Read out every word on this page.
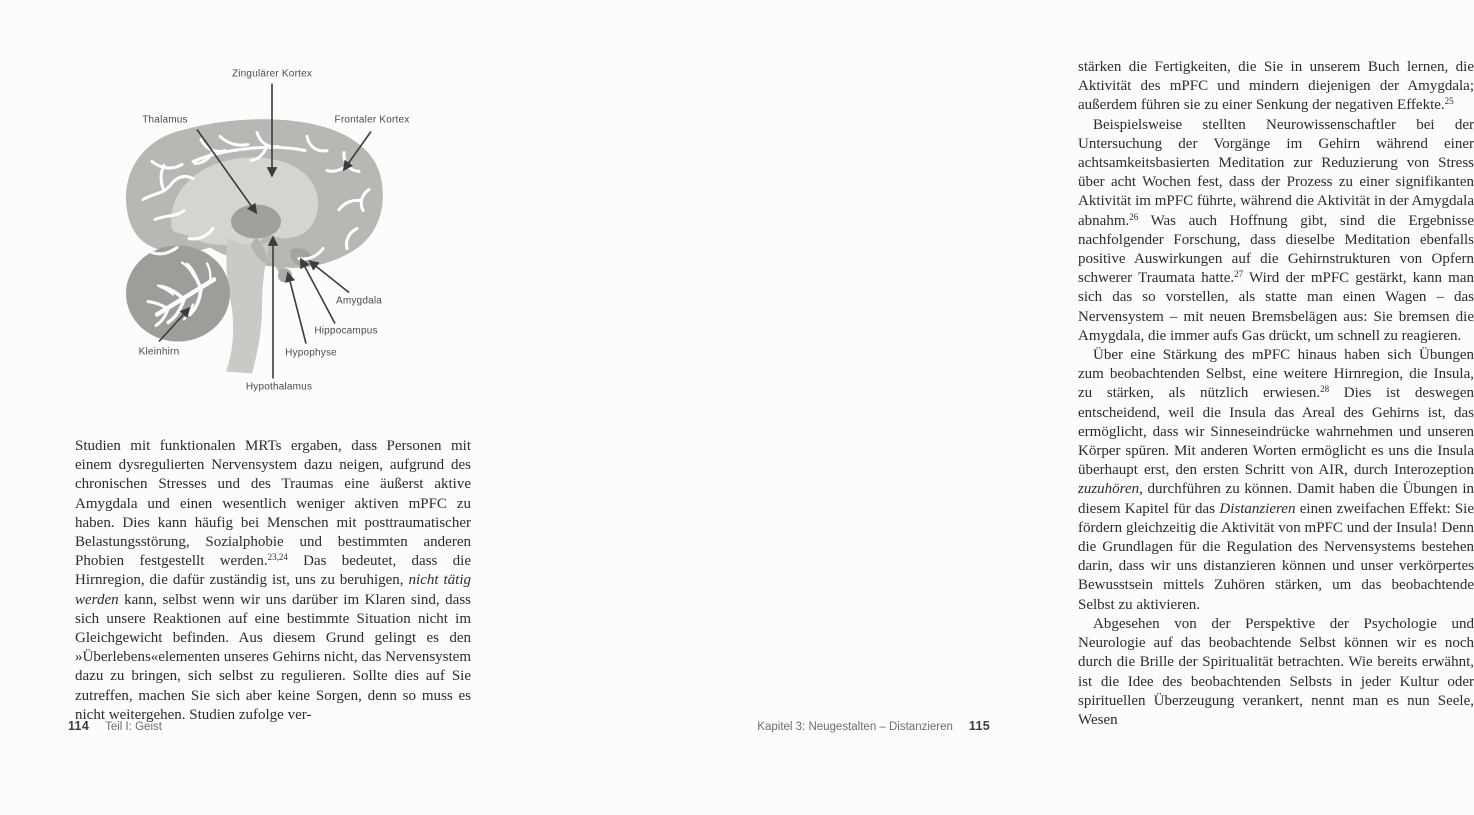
Zingulärer Kortex
Thalamus	Frontaler Kortex
Amygdala
Hippocampus
Hypophyse
Hypothalamus
Kleinhirn

Studien mit funktionalen MRTs ergaben, dass Personen mit einem dysregulierten Nervensystem dazu neigen, aufgrund des chronischen Stresses und des Traumas eine äußerst aktive Amygdala und einen wesentlich weniger aktiven mPFC zu haben. Dies kann häufig bei Menschen mit posttraumatischer Belastungsstörung, Sozialphobie und bestimmten anderen Phobien festgestellt werden.$^{23,24}$ Das bedeutet, dass die Hirnregion, die dafür zuständig ist, uns zu beruhigen, nicht tätig werden kann, selbst wenn wir uns darüber im Klaren sind, dass sich unsere Reaktionen auf eine bestimmte Situation nicht im Gleichgewicht befinden. Aus diesem Grund gelingt es den »Überlebens«elementen unseres Gehirns nicht, das Nervensystem dazu zu bringen, sich selbst zu regulieren. Sollte dies auf Sie zutreffen, machen Sie sich aber keine Sorgen, denn so muss es nicht weitergehen. Studien zufolge ver-

114 Teil I: Geist

stärken die Fertigkeiten, die Sie in unserem Buch lernen, die Aktivität des mPFC und mindern diejenigen der Amygdala; außerdem führen sie zu einer Senkung der negativen Effekte.$^{25}$

Beispielsweise stellten Neurowissenschaftler bei der Untersuchung der Vorgänge im Gehirn während einer achtsamkeitsbasierten Meditation zur Reduzierung von Stress über acht Wochen fest, dass der Prozess zu einer signifikanten Aktivität im mPFC führte, während die Aktivität in der Amygdala abnahm.$^{26}$ Was auch Hoffnung gibt, sind die Ergebnisse nachfolgender Forschung, dass dieselbe Meditation ebenfalls positive Auswirkungen auf die Gehirnstrukturen von Opfern schwerer Traumata hatte.$^{27}$ Wird der mPFC gestärkt, kann man sich das so vorstellen, als statte man einen Wagen – das Nervensystem – mit neuen Bremsbelägen aus: Sie bremsen die Amygdala, die immer aufs Gas drückt, um schnell zu reagieren.

Über eine Stärkung des mPFC hinaus haben sich Übungen zum beobachtenden Selbst, eine weitere Hirnregion, die Insula, zu stärken, als nützlich erwiesen.$^{28}$ Dies ist deswegen entscheidend, weil die Insula das Areal des Gehirns ist, das ermöglicht, dass wir Sinneseindrücke wahrnehmen und unseren Körper spüren. Mit anderen Worten ermöglicht es uns die Insula überhaupt erst, den ersten Schritt von AIR, durch Interozeption zuzuhören, durchführen zu können. Damit haben die Übungen in diesem Kapitel für das Distanzieren einen zweifachen Effekt: Sie fördern gleichzeitig die Aktivität von mPFC und der Insula! Denn die Grundlagen für die Regulation des Nervensystems bestehen darin, dass wir uns distanzieren können und unser verkörpertes Bewusstsein mittels Zuhören stärken, um das beobachtende Selbst zu aktivieren.

Abgesehen von der Perspektive der Psychologie und Neurologie auf das beobachtende Selbst können wir es noch durch die Brille der Spiritualität betrachten. Wie bereits erwähnt, ist die Idee des beobachtenden Selbsts in jeder Kultur oder spirituellen Überzeugung verankert, nennt man es nun Seele, Wesen

Kapitel 3: Neugestalten – Distanzieren 115
